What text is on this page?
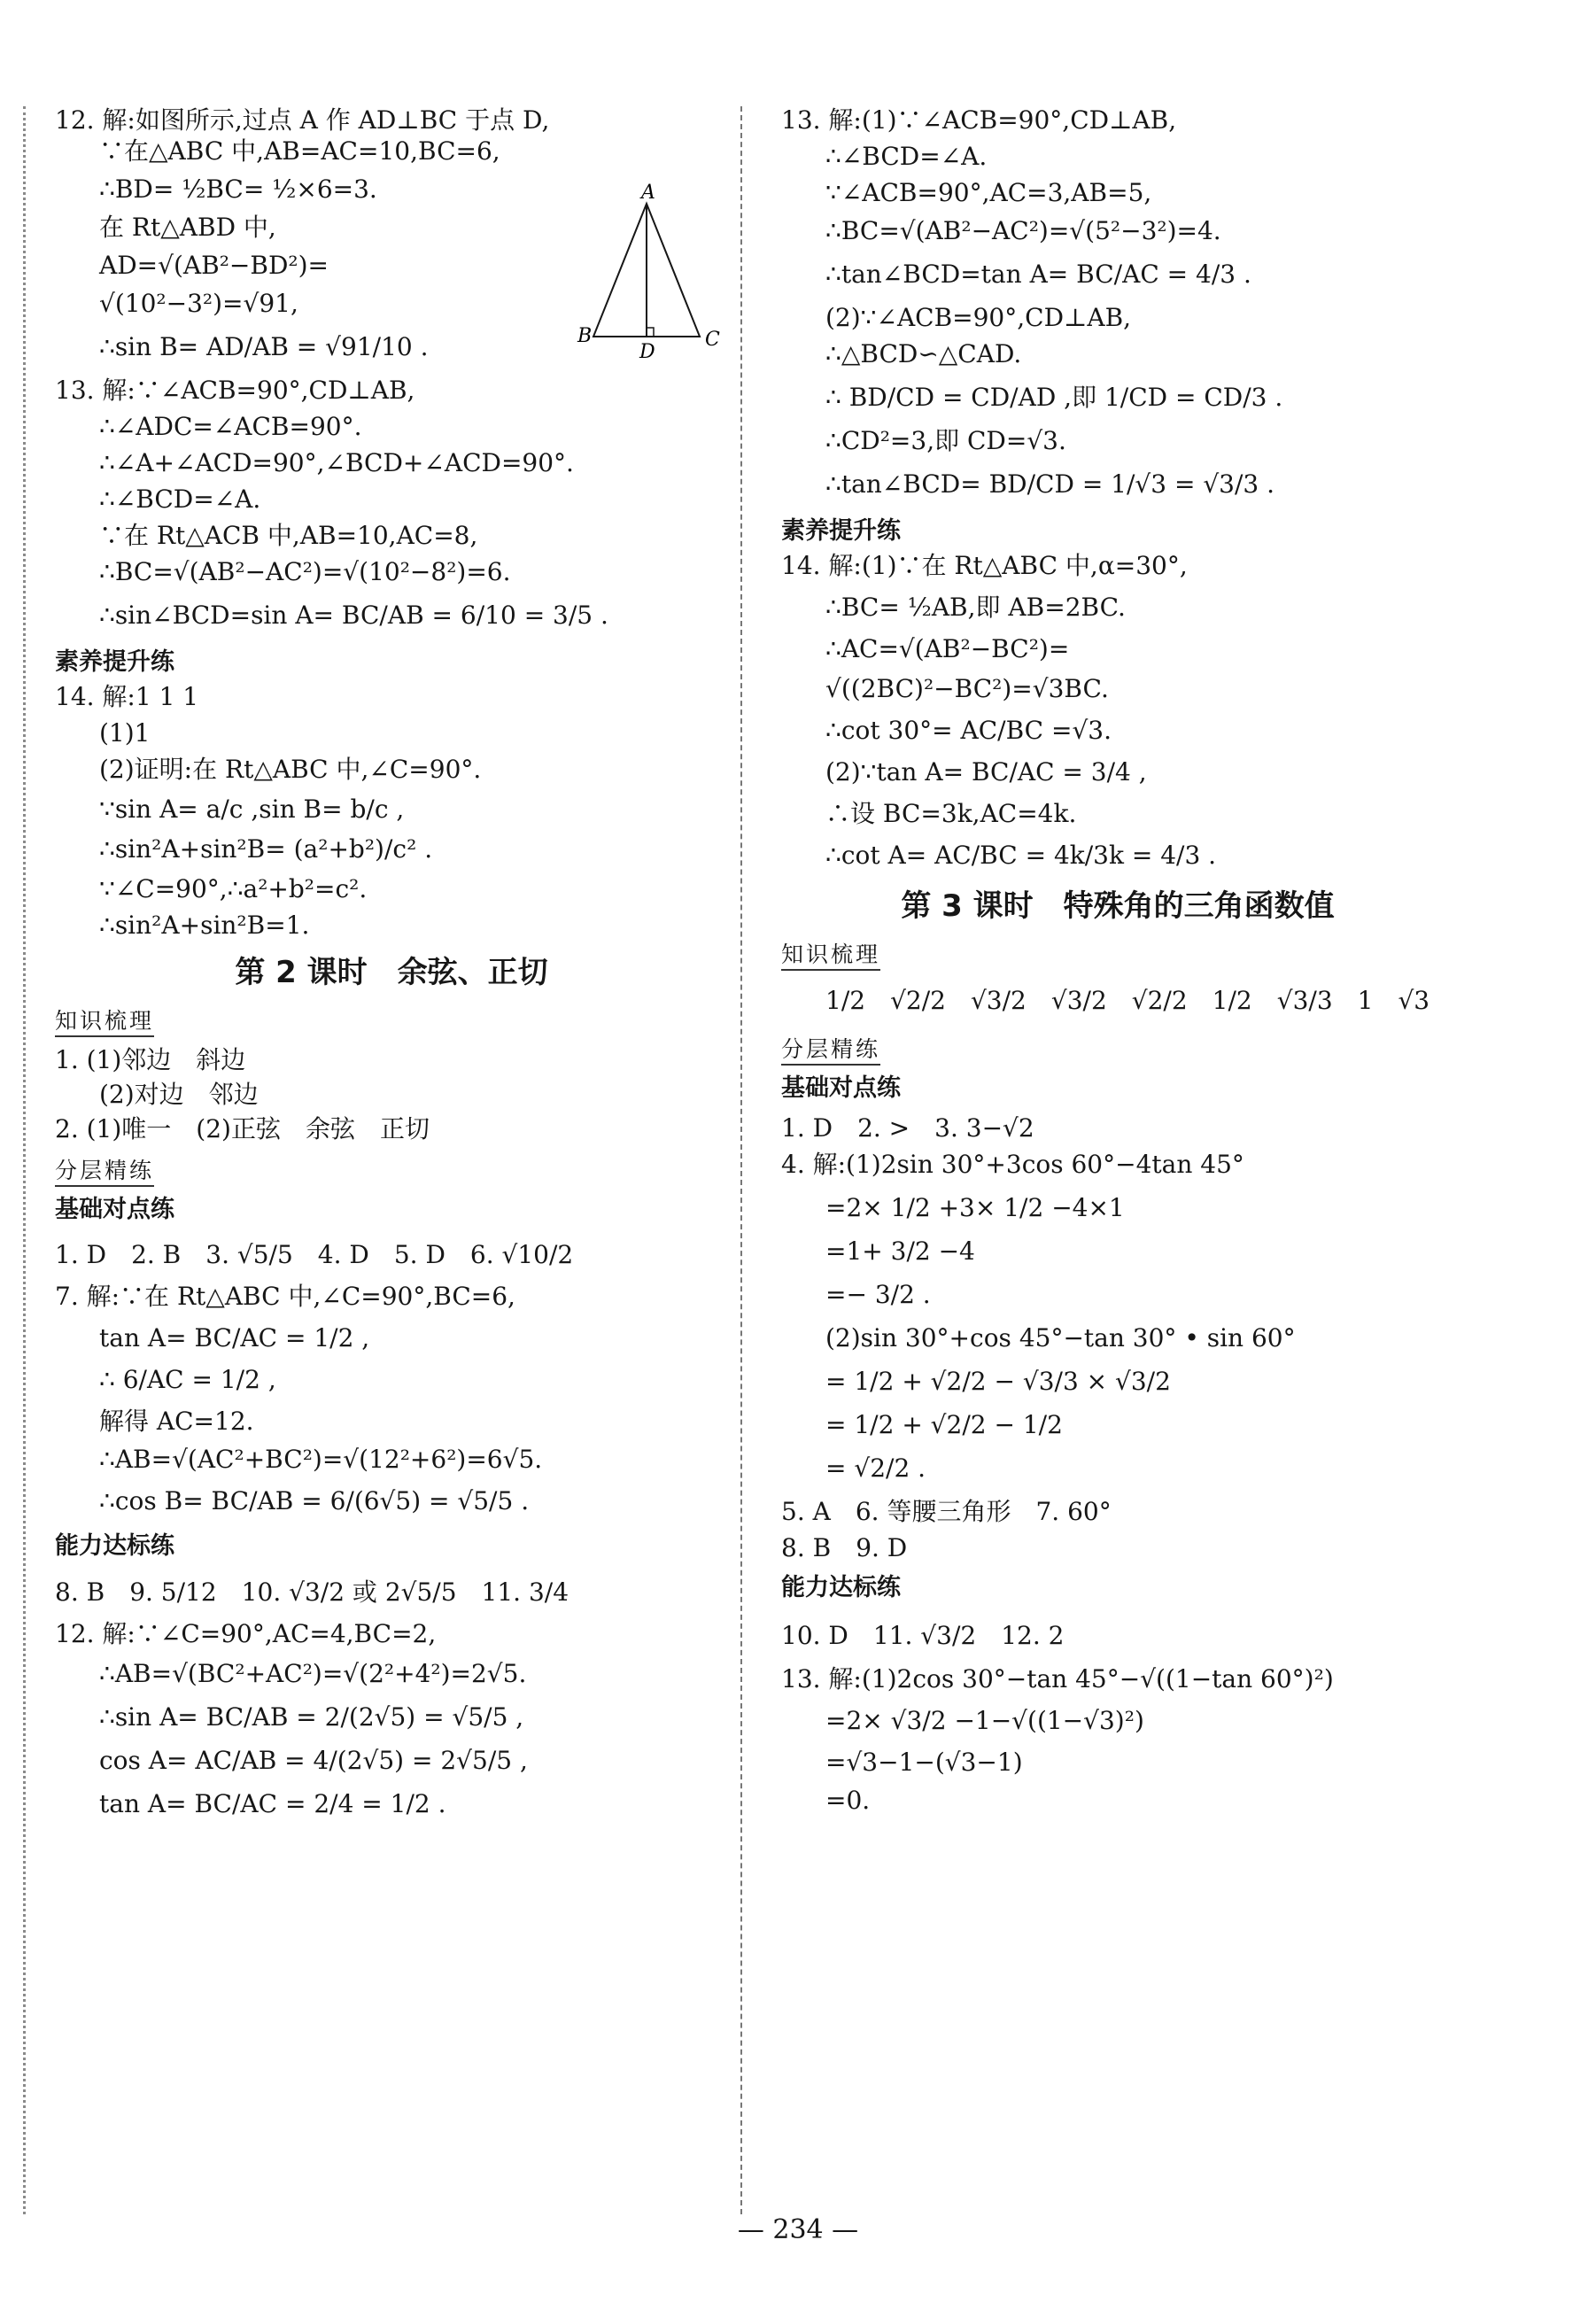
12. 解:如图所示,过点 A 作 AD⊥BC 于点 D,

∵在△ABC 中,AB=AC=10,BC=6,

∴BD= ½BC= ½×6=3.

在 Rt△ABD 中,

AD=√(AB²−BD²)=

√(10²−3²)=√91,

∴sin B= AD/AB = √91/10 .

13. 解:∵∠ACB=90°,CD⊥AB,

∴∠ADC=∠ACB=90°.

∴∠A+∠ACD=90°,∠BCD+∠ACD=90°.

∴∠BCD=∠A.

∵在 Rt△ACB 中,AB=10,AC=8,

∴BC=√(AB²−AC²)=√(10²−8²)=6.

∴sin∠BCD=sin A= BC/AB = 6/10 = 3/5 .

素养提升练

14. 解:1 1 1

(1)1

(2)证明:在 Rt△ABC 中,∠C=90°.

∵sin A= a/c ,sin B= b/c ,

∴sin²A+sin²B= (a²+b²)/c² .

∵∠C=90°,∴a²+b²=c².

∴sin²A+sin²B=1.

第 2 课时　余弦、正切

知识梳理

1. (1)邻边　斜边

(2)对边　邻边

2. (1)唯一　(2)正弦　余弦　正切

分层精练

基础对点练

1. D　2. B　3. √5/5　4. D　5. D　6. √10/2

7. 解:∵在 Rt△ABC 中,∠C=90°,BC=6,

tan A= BC/AC = 1/2 ,

∴ 6/AC = 1/2 ,

解得 AC=12.

∴AB=√(AC²+BC²)=√(12²+6²)=6√5.

∴cos B= BC/AB = 6/(6√5) = √5/5 .

能力达标练

8. B　9. 5/12　10. √3/2 或 2√5/5　11. 3/4

12. 解:∵∠C=90°,AC=4,BC=2,

∴AB=√(BC²+AC²)=√(2²+4²)=2√5.

∴sin A= BC/AB = 2/(2√5) = √5/5 ,

cos A= AC/AB = 4/(2√5) = 2√5/5 ,

tan A= BC/AC = 2/4 = 1/2 .

A
B	C
D

13. 解:(1)∵∠ACB=90°,CD⊥AB,

∴∠BCD=∠A.

∵∠ACB=90°,AC=3,AB=5,

∴BC=√(AB²−AC²)=√(5²−3²)=4.

∴tan∠BCD=tan A= BC/AC = 4/3 .

(2)∵∠ACB=90°,CD⊥AB,

∴△BCD∽△CAD.

∴ BD/CD = CD/AD ,即 1/CD = CD/3 .

∴CD²=3,即 CD=√3.

∴tan∠BCD= BD/CD = 1/√3 = √3/3 .

素养提升练

14. 解:(1)∵在 Rt△ABC 中,α=30°,

∴BC= ½AB,即 AB=2BC.

∴AC=√(AB²−BC²)=

√((2BC)²−BC²)=√3BC.

∴cot 30°= AC/BC =√3.

(2)∵tan A= BC/AC = 3/4 ,

∴设 BC=3k,AC=4k.

∴cot A= AC/BC = 4k/3k = 4/3 .

第 3 课时　特殊角的三角函数值

知识梳理

1/2　√2/2　√3/2　√3/2　√2/2　1/2　√3/3　1　√3

分层精练

基础对点练

1. D　2. >　3. 3−√2

4. 解:(1)2sin 30°+3cos 60°−4tan 45°

=2× 1/2 +3× 1/2 −4×1

=1+ 3/2 −4

=− 3/2 .

(2)sin 30°+cos 45°−tan 30° • sin 60°

= 1/2 + √2/2 − √3/3 × √3/2

= 1/2 + √2/2 − 1/2

= √2/2 .

5. A　6. 等腰三角形　7. 60°

8. B　9. D

能力达标练

10. D　11. √3/2　12. 2

13. 解:(1)2cos 30°−tan 45°−√((1−tan 60°)²)

=2× √3/2 −1−√((1−√3)²)

=√3−1−(√3−1)

=0.

— 234 —
